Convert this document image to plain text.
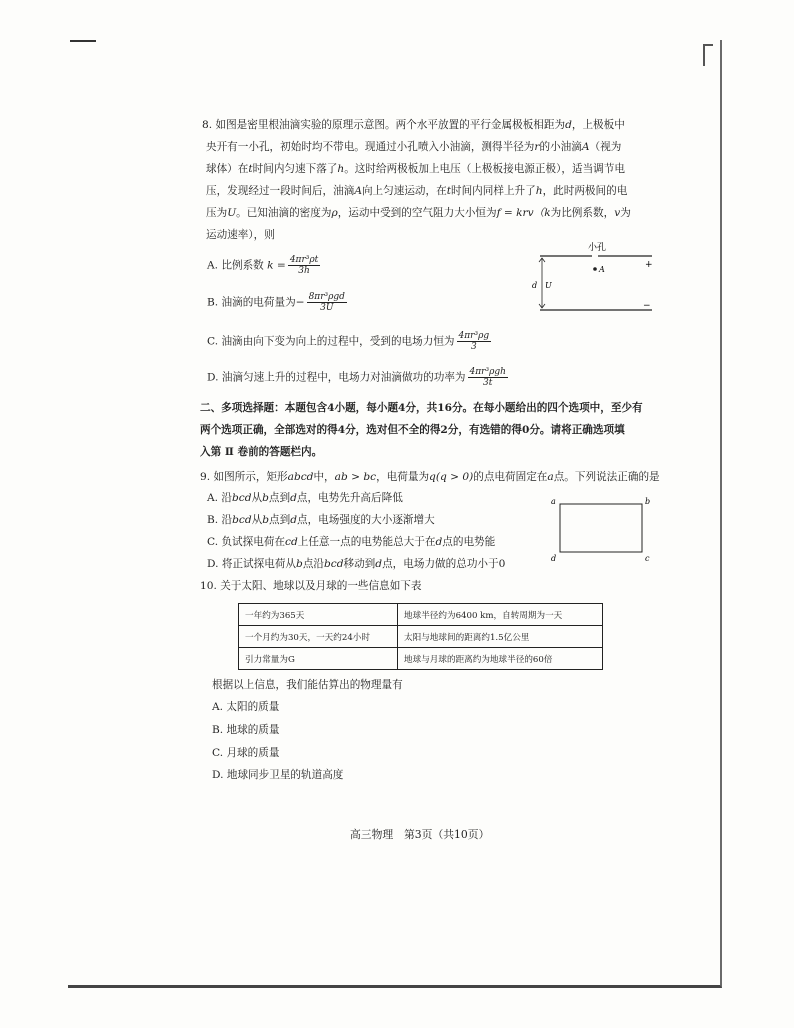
8. 如图是密里根油滴实验的原理示意图。两个水平放置的平行金属极板相距为d，上极板中
央开有一小孔，初始时均不带电。现通过小孔喷入小油滴，测得半径为r的小油滴A（视为
球体）在t时间内匀速下落了h。这时给两极板加上电压（上极板接电源正极），适当调节电
压，发现经过一段时间后，油滴A向上匀速运动，在t时间内同样上升了h，此时两极间的电
压为U。已知油滴的密度为ρ，运动中受到的空气阻力大小恒为f = krv（k为比例系数，v为
运动速率），则
A. 比例系数 $k = \frac{\text{4πr³ρt}}{3h}$
B. 油滴的电荷量为− $\frac{\text{8πr³ρgd}}{3U}$
C. 油滴由向下变为向上的过程中，受到的电场力恒为 $\frac{\text{4πr³ρg}}{3}$
D. 油滴匀速上升的过程中，电场力对油滴做功的功率为 $\frac{\text{4πr³ρgh}}{3t}$
小孔
+
A
d U
−
二、多项选择题：本题包含4小题，每小题4分，共16分。在每小题给出的四个选项中，至少有
两个选项正确，全部选对的得4分，选对但不全的得2分，有选错的得0分。请将正确选项填
入第 Ⅱ 卷前的答题栏内。
9. 如图所示，矩形abcd中，ab > bc，电荷量为q(q > 0)的点电荷固定在a点。下列说法正确的是
A. 沿bcd从b点到d点，电势先升高后降低
B. 沿bcd从b点到d点，电场强度的大小逐渐增大
C. 负试探电荷在cd上任意一点的电势能总大于在d点的电势能
D. 将正试探电荷从b点沿bcd移动到d点，电场力做的总功小于0
a	b
c
d
10. 关于太阳、地球以及月球的一些信息如下表
一年约为365天	地球半径约为6400 km，自转周期为一天
一个月约为30天，一天约24小时	太阳与地球间的距离约1.5亿公里
引力常量为G	地球与月球的距离约为地球半径的60倍
根据以上信息，我们能估算出的物理量有
A. 太阳的质量
B. 地球的质量
C. 月球的质量
D. 地球同步卫星的轨道高度
高三物理　第3页（共10页）
